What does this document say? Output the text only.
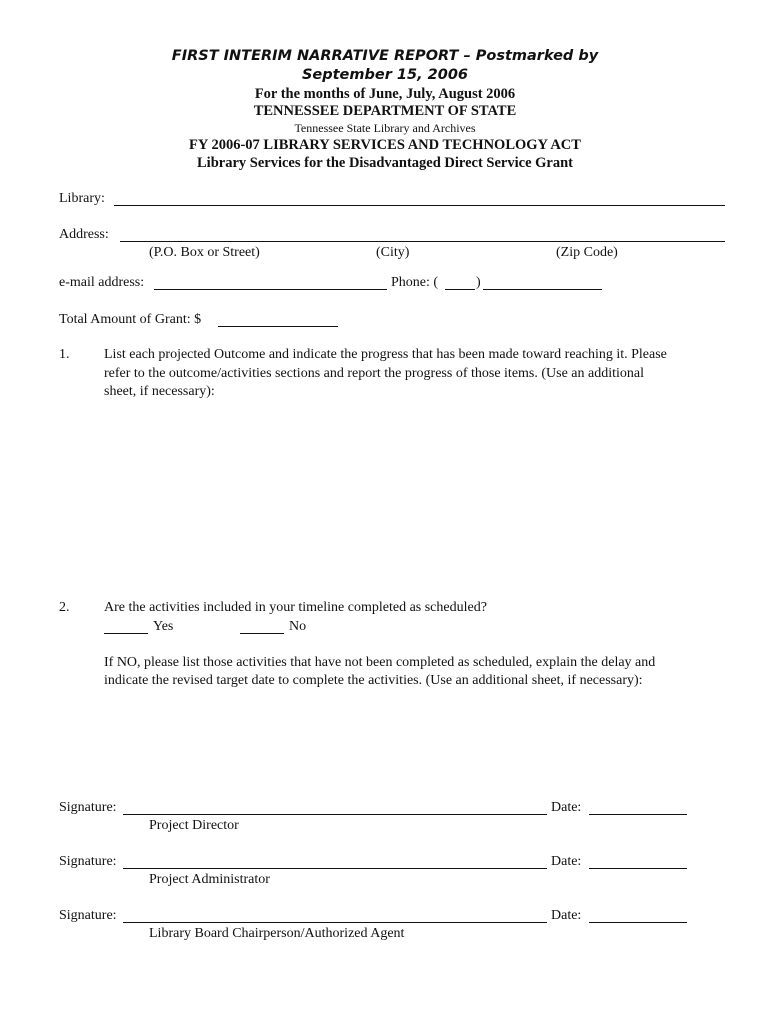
FIRST INTERIM NARRATIVE REPORT – Postmarked by
September 15, 2006
For the months of June, July, August 2006
TENNESSEE DEPARTMENT OF STATE
Tennessee State Library and Archives
FY 2006-07 LIBRARY SERVICES AND TECHNOLOGY ACT
Library Services for the Disadvantaged Direct Service Grant
Library:
Address:
(P.O. Box or Street)	(City)	(Zip Code)
e-mail address:	Phone: (	)
Total Amount of Grant: $
1. List each projected Outcome and indicate the progress that has been made toward reaching it. Please
refer to the outcome/activities sections and report the progress of those items. (Use an additional
sheet, if necessary):
2. Are the activities included in your timeline completed as scheduled?
Yes	No
If NO, please list those activities that have not been completed as scheduled, explain the delay and
indicate the revised target date to complete the activities. (Use an additional sheet, if necessary):
Signature:	Date:
Project Director
Signature:	Date:
Project Administrator
Signature:	Date:
Library Board Chairperson/Authorized Agent
